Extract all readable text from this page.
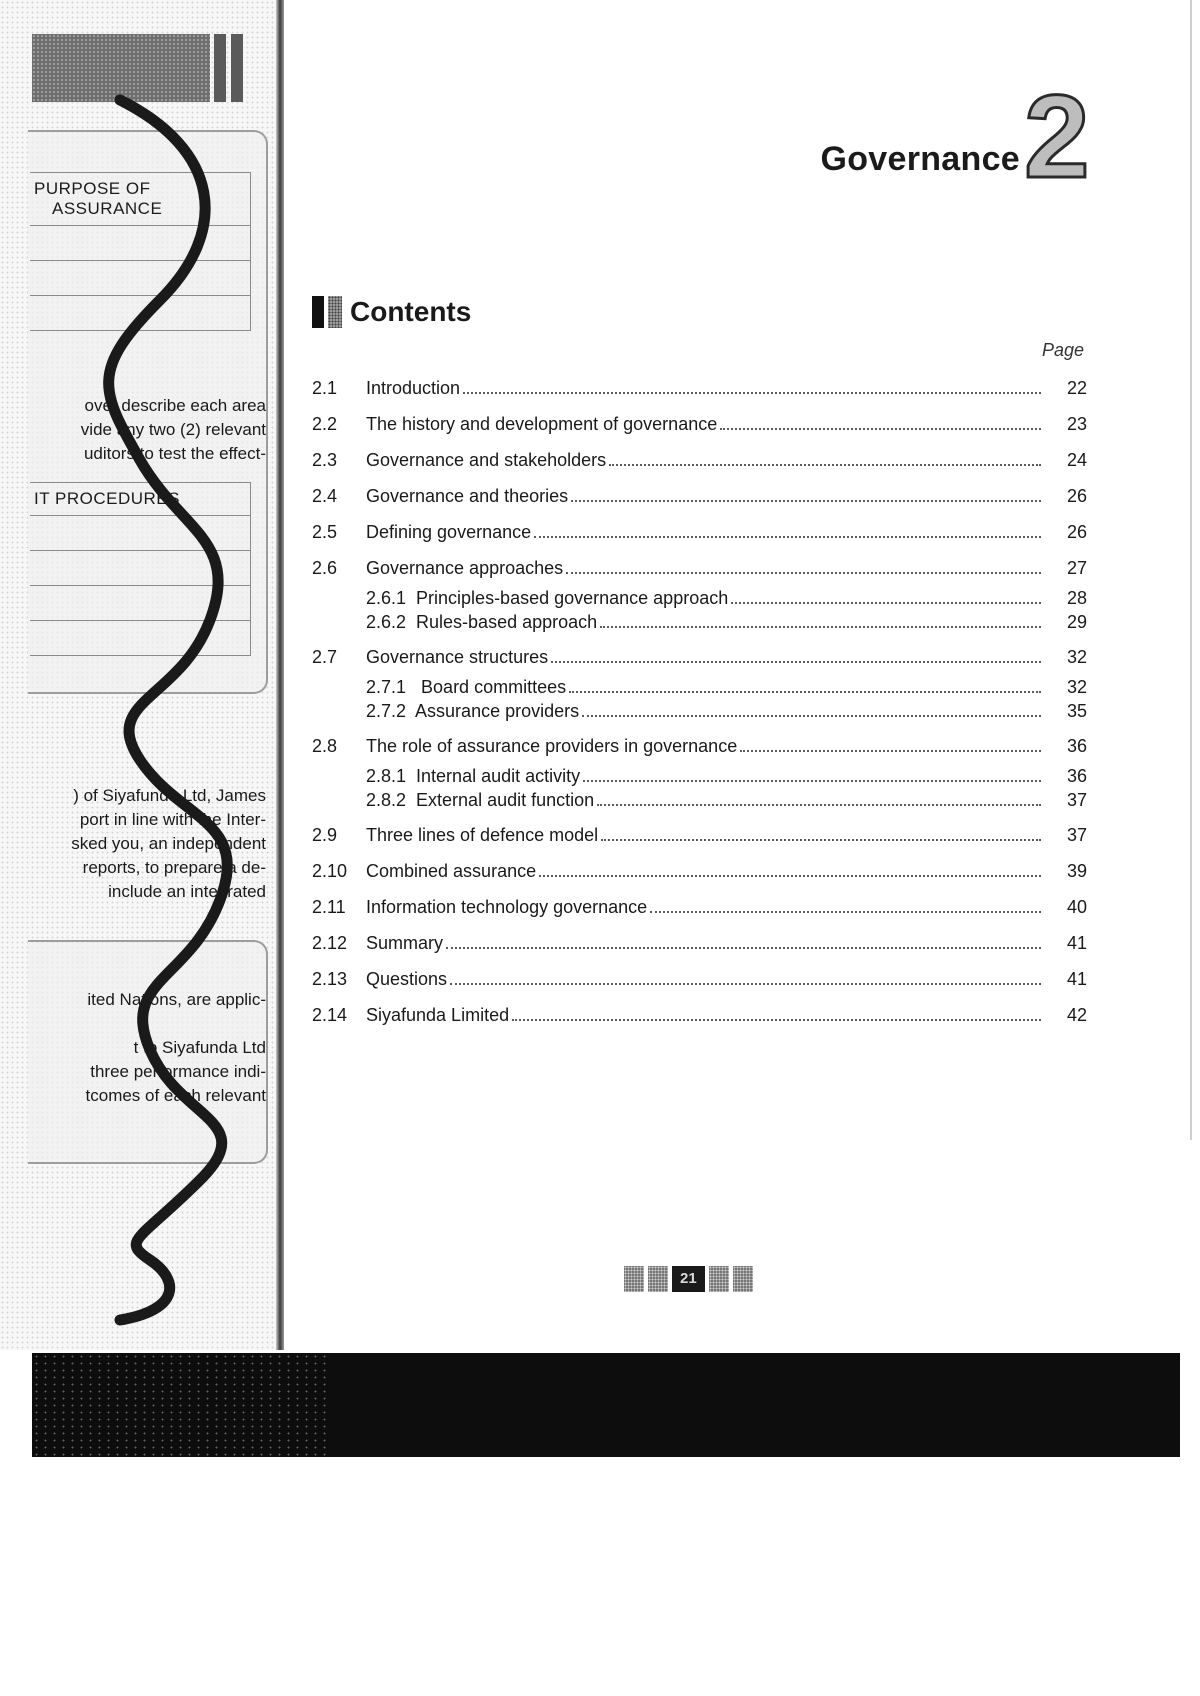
PURPOSE OF
ASSURANCE
ove, describe each area
vide any two (2) relevant
uditors to test the effect-
IT PROCEDURES
) of Siyafunda Ltd, James
port in line with the Inter-
sked you, an independent
reports, to prepare a de-
include an integrated
ited Nations, are applic-
t to Siyafunda Ltd
three performance indi-
tcomes of each relevant
Governance 2
Contents
Page
2.1	Introduction	22
2.2	The history and development of governance	23
2.3	Governance and stakeholders	24
2.4	Governance and theories	26
2.5	Defining governance	26
2.6	Governance approaches	27
2.6.1  Principles-based governance approach	28
2.6.2  Rules-based approach	29
2.7	Governance structures	32
2.7.1   Board committees	32
2.7.2  Assurance providers	35
2.8	The role of assurance providers in governance	36
2.8.1  Internal audit activity	36
2.8.2  External audit function	37
2.9	Three lines of defence model	37
2.10	Combined assurance	39
2.11	Information technology governance	40
2.12	Summary	41
2.13	Questions	41
2.14	Siyafunda Limited	42
21
